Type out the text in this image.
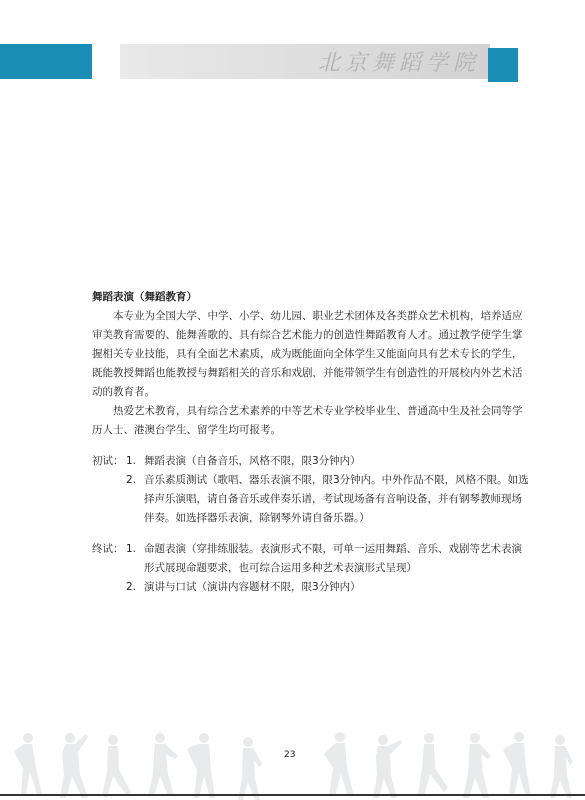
北京舞蹈学院
舞蹈表演（舞蹈教育）

本专业为全国大学、中学、小学、幼儿园、职业艺术团体及各类群众艺术机构，培养适应审美教育需要的、能舞善歌的、具有综合艺术能力的创造性舞蹈教育人才。通过教学使学生掌握相关专业技能，具有全面艺术素质，成为既能面向全体学生又能面向具有艺术专长的学生，既能教授舞蹈也能教授与舞蹈相关的音乐和戏剧，并能带领学生有创造性的开展校内外艺术活动的教育者。

热爱艺术教育，具有综合艺术素养的中等艺术专业学校毕业生、普通高中生及社会同等学历人士、港澳台学生、留学生均可报考。

初试： 1. 舞蹈表演（自备音乐，风格不限，限3分钟内）
2. 音乐素质测试（歌唱、器乐表演不限，限3分钟内。中外作品不限，风格不限。如选择声乐演唱，请自备音乐或伴奏乐谱，考试现场备有音响设备，并有钢琴教师现场伴奏。如选择器乐表演，除钢琴外请自备乐器。）
终试： 1. 命题表演（穿排练服装。表演形式不限，可单一运用舞蹈、音乐、戏剧等艺术表演形式展现命题要求，也可综合运用多种艺术表演形式呈现）
2. 演讲与口试（演讲内容题材不限，限3分钟内）
23
